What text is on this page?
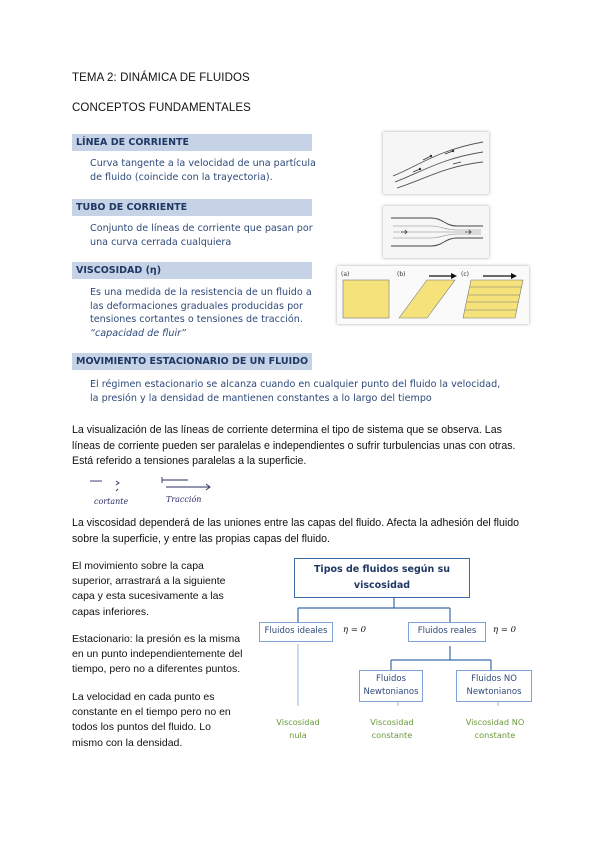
TEMA 2: DINÁMICA DE FLUIDOS
CONCEPTOS FUNDAMENTALES
LÍNEA DE CORRIENTE
Curva tangente a la velocidad de una partícula
de fluido (coincide con la trayectoria).
TUBO DE CORRIENTE
Conjunto de líneas de corriente que pasan por
una curva cerrada cualquiera
VISCOSIDAD (η)
Es una medida de la resistencia de un fluido a
las deformaciones graduales producidas por
tensiones cortantes o tensiones de tracción.
“capacidad de fluir”
MOVIMIENTO ESTACIONARIO DE UN FLUIDO
El régimen estacionario se alcanza cuando en cualquier punto del fluido la velocidad,
la presión y la densidad de mantienen constantes a lo largo del tiempo
(a)	(b)	(c)
La visualización de las líneas de corriente determina el tipo de sistema que se observa. Las líneas de corriente pueden ser paralelas e independientes o sufrir turbulencias unas con otras. Está referido a tensiones paralelas a la superficie.
cortante	Tracción
La viscosidad dependerá de las uniones entre las capas del fluido. Afecta la adhesión del fluido sobre la superficie, y entre las propias capas del fluido.
El movimiento sobre la capa superior, arrastrará a la siguiente capa y esta sucesivamente a las capas inferiores.
Estacionario: la presión es la misma en un punto independientemente del tiempo, pero no a diferentes puntos.
La velocidad en cada punto es constante en el tiempo pero no en todos los puntos del fluido. Lo mismo con la densidad.
Tipos de fluidos según su viscosidad
Fluidos ideales	η = 0	Fluidos reales	η = 0
Fluidos Newtonianos
Fluidos NO Newtonianos
Viscosidad nula
Viscosidad constante
Viscosidad NO constante
